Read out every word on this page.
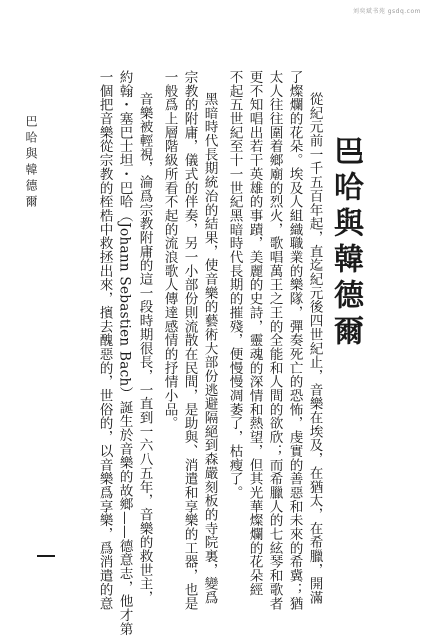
刘奕斌书苑 gsdq.com
巴哈與韓德爾
從紀元前一千五百年起，直迄紀元後四世紀止，音樂在埃及，在猶太，在希臘，開滿
了燦爛的花朵。埃及人組織職業的樂隊，彈奏死亡的恐怖，虔實的善惡和未來的希冀；猶
太人往往圍着鄉廟的烈火，歌唱萬王之王的全能和人間的欲欣；而希臘人的七絃琴和歌者
更不知唱出若干英雄的事蹟，美麗的史詩，靈魂的深情和熱望，但其光華燦爛的花朵經
不起五世紀至十一世紀黑暗時代長期的摧殘，便慢慢凋萎了，枯瘦了。
黑暗時代長期統治的結果，使音樂的藝術大部份逃避隔絕到森嚴刻板的寺院裏，變爲
宗教的附庸，儀式的伴奏，另一小部份則流散在民間，是助與、消遣和享樂的工器，也是
一般爲上層階級所看不起的流浪歌人傳達感情的抒情小品。
音樂被輕視，淪爲宗教附庸的這一段時期很長，一直到一六八五年，音樂的救世主，
約翰・塞巴士坦・巴哈（Johann Sebastien Bach）誕生於音樂的故鄉——德意志，他才第
一個把音樂從宗教的桎梏中救拯出來，擯去醜惡的，世俗的，以音樂爲享樂，爲消遣的意
巴哈與韓德爾
